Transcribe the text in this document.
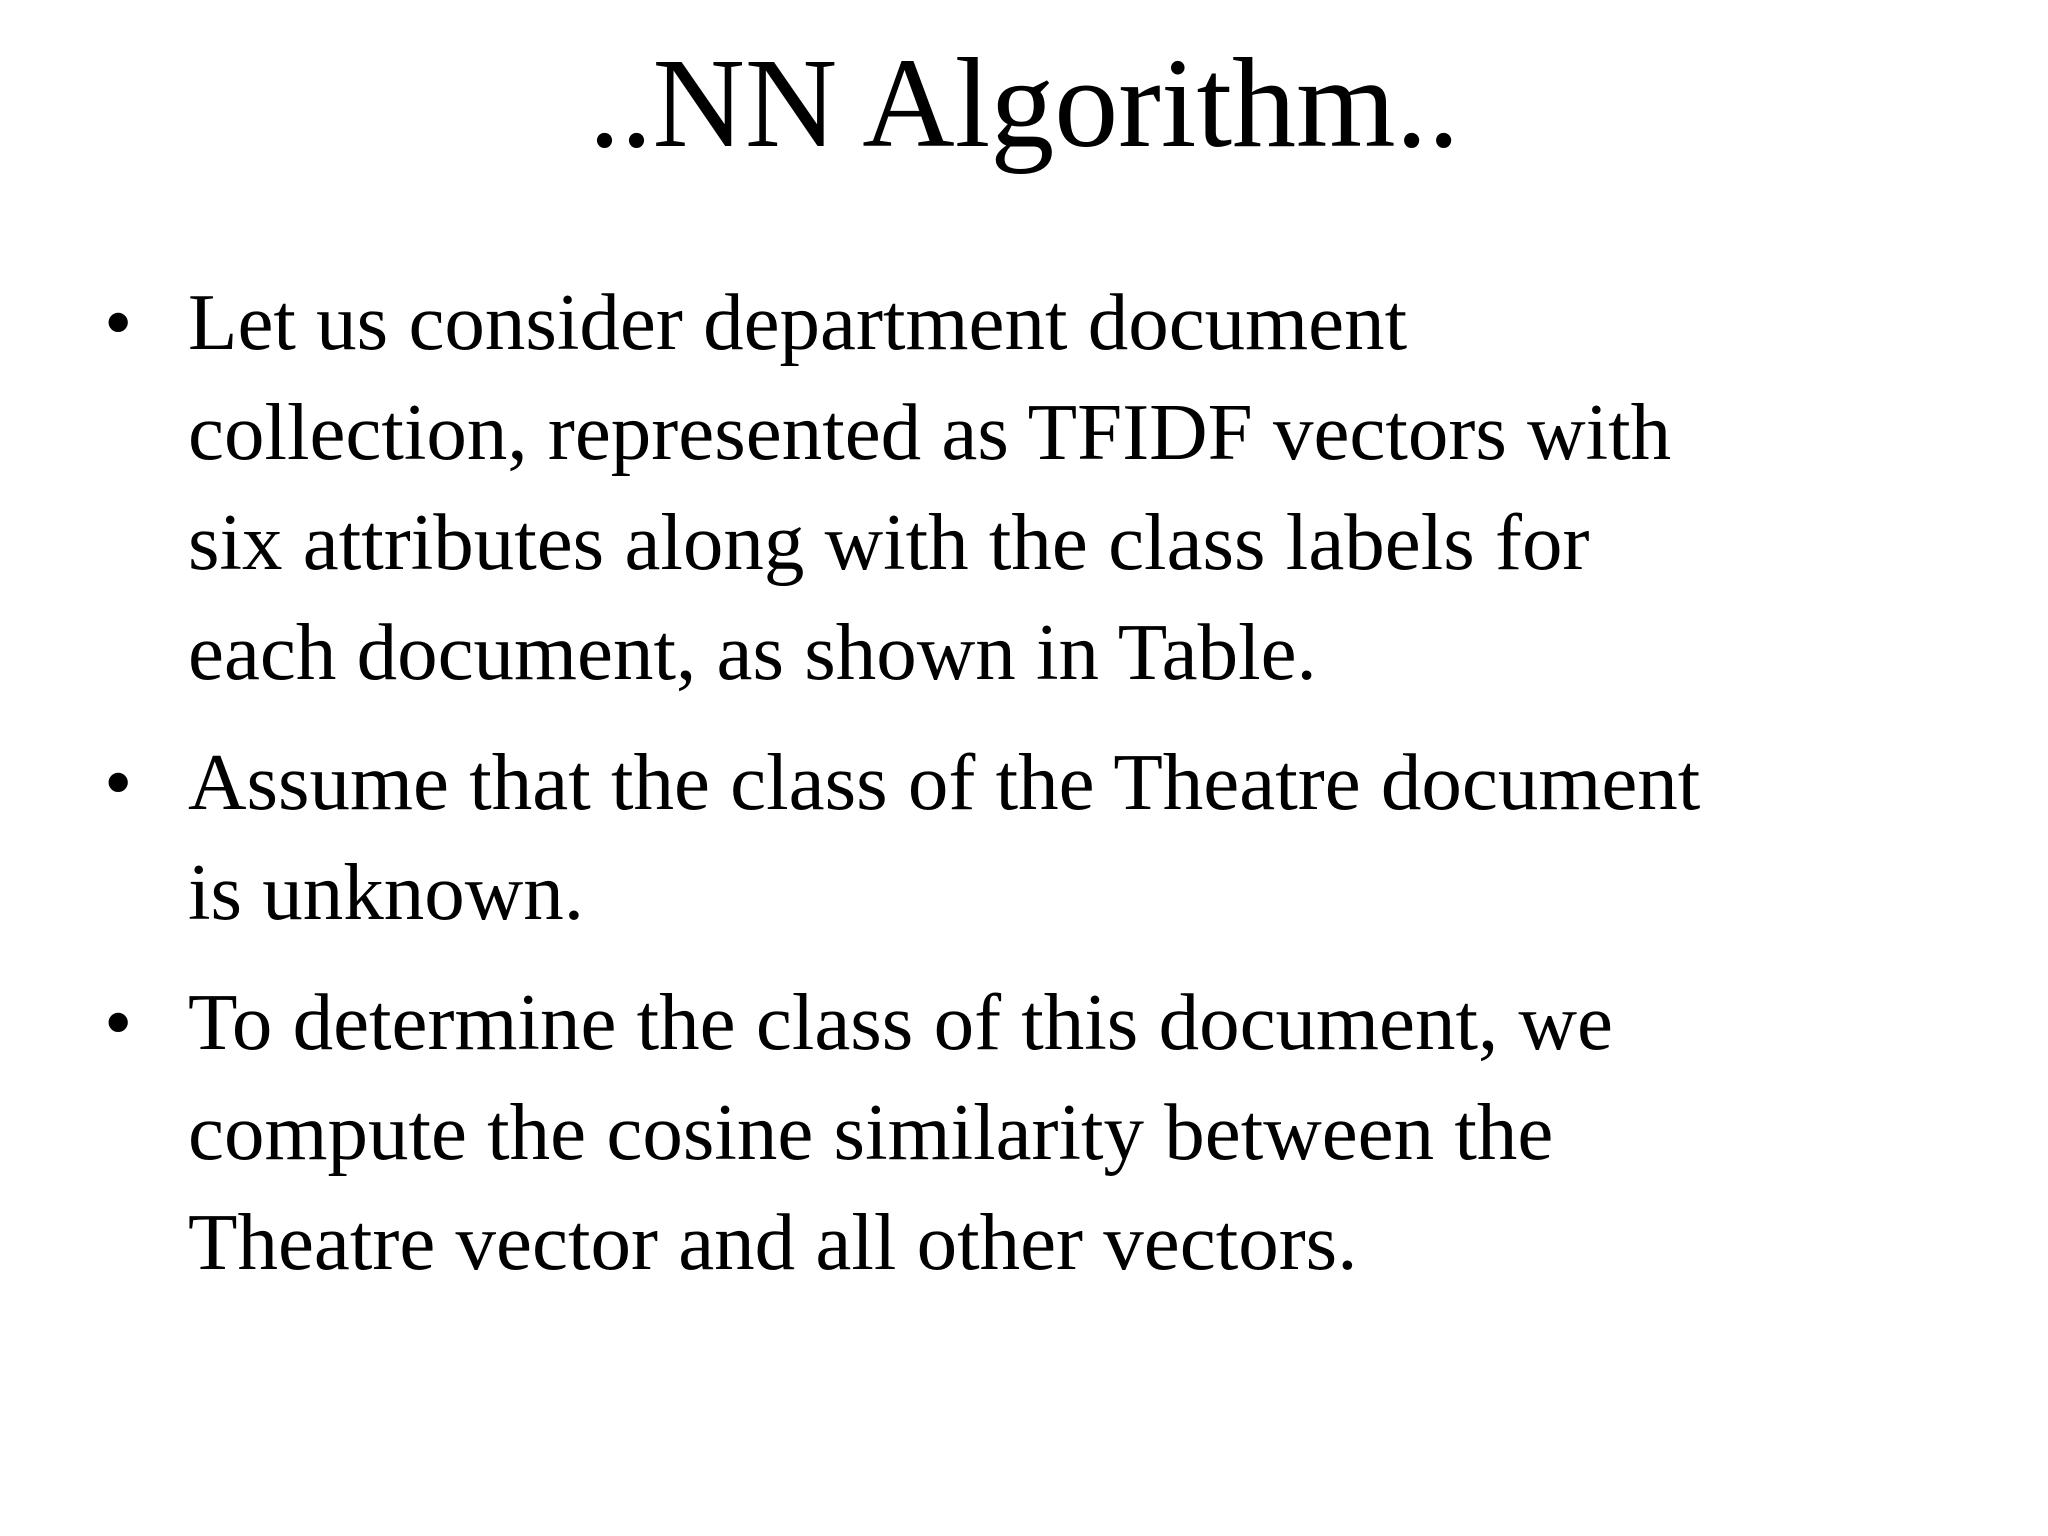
..NN Algorithm..
• Let us consider department document
collection, represented as TFIDF vectors with
six attributes along with the class labels for
each document, as shown in Table.
• Assume that the class of the Theatre document
is unknown.
• To determine the class of this document, we
compute the cosine similarity between the
Theatre vector and all other vectors.
